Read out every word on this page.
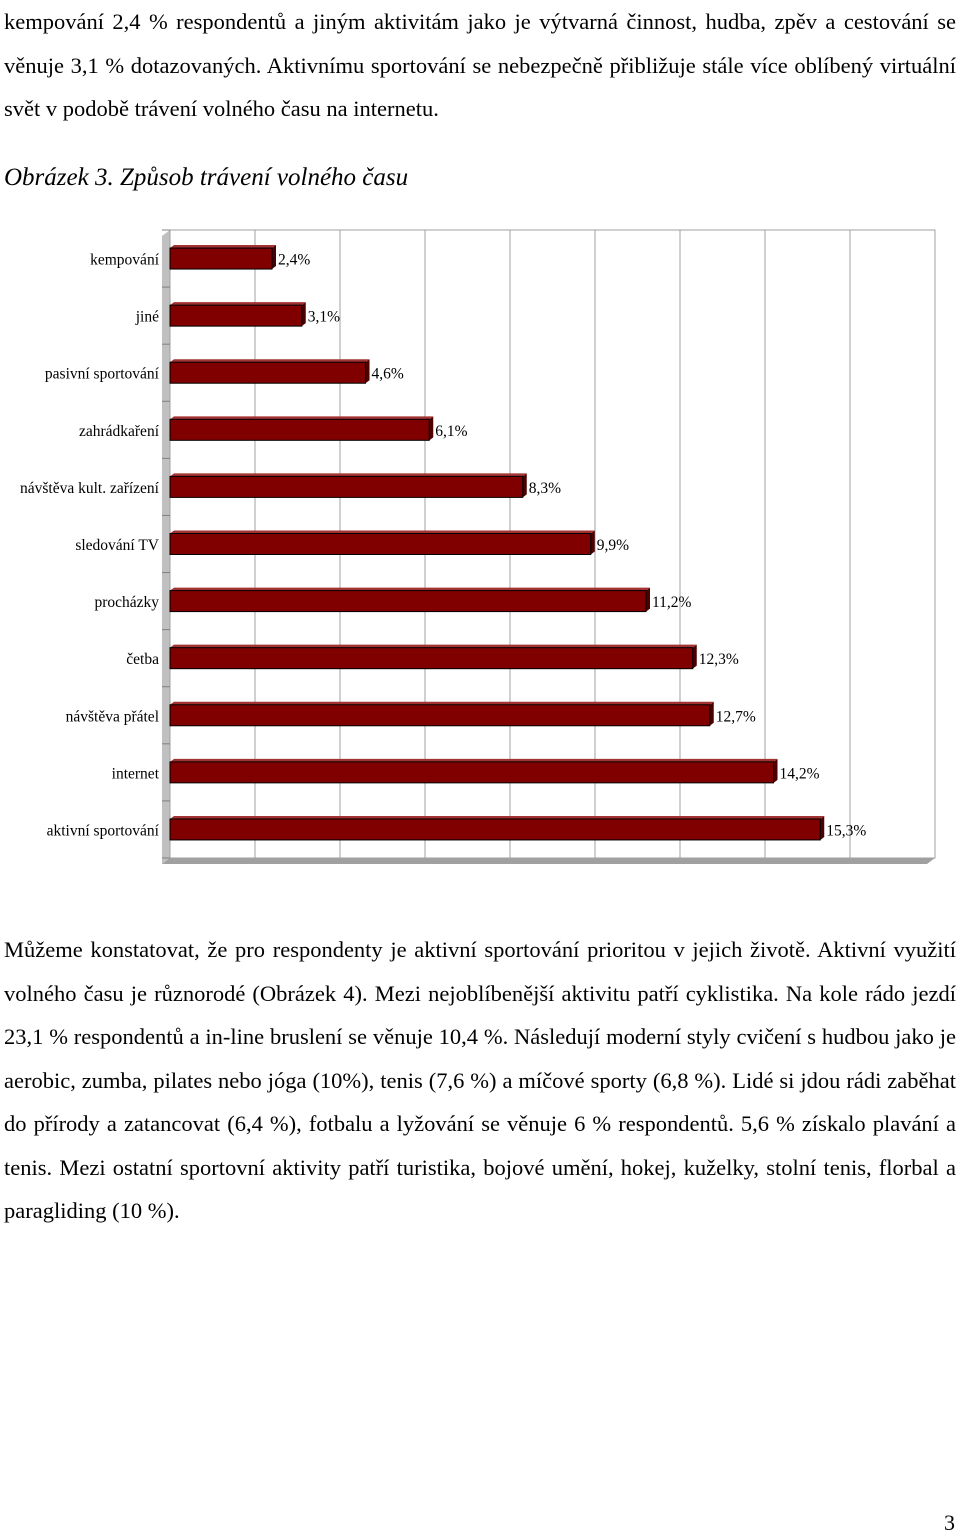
kempování 2,4 % respondentů a jiným aktivitám jako je výtvarná činnost, hudba, zpěv a cestování se věnuje 3,1 % dotazovaných. Aktivnímu sportování se nebezpečně přibližuje stále více oblíbený virtuální svět v podobě trávení volného času na internetu.

Obrázek 3. Způsob trávení volného času

kempování	2,4%
jiné	3,1%
pasivní sportování	4,6%
zahrádkaření	6,1%
návštěva kult. zařízení	8,3%
sledování TV	9,9%
procházky	11,2%
četba	12,3%
návštěva přátel	12,7%
internet	14,2%
aktivní sportování	15,3%

Můžeme konstatovat, že pro respondenty je aktivní sportování prioritou v jejich životě. Aktivní využití volného času je různorodé (Obrázek 4). Mezi nejoblíbenější aktivitu patří cyklistika. Na kole rádo jezdí 23,1 % respondentů a in-line bruslení se věnuje 10,4 %. Následují moderní styly cvičení s hudbou jako je aerobic, zumba, pilates nebo jóga (10%), tenis (7,6 %) a míčové sporty (6,8 %). Lidé si jdou rádi zaběhat do přírody a zatancovat (6,4 %), fotbalu a lyžování se věnuje 6 % respondentů. 5,6 % získalo plavání a tenis. Mezi ostatní sportovní aktivity patří turistika, bojové umění, hokej, kuželky, stolní tenis, florbal a paragliding (10 %).

3
